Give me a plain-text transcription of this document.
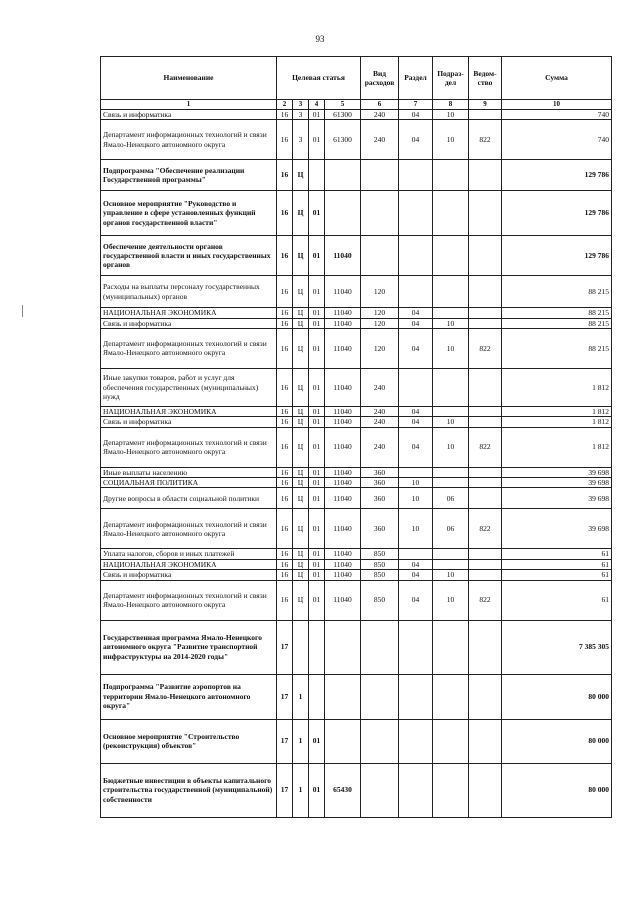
93
Наименование	Целевая статья				Вид расходов	Раздел	Подраз-дел	Ведом-ство	Сумма
1	2	3	4	5	6	7	8	9	10
Связь и информатика	16	3	01	61300	240	04	10		740
Департамент информационных технологий и связи Ямало-Ненецкого автономного округа	16	3	01	61300	240	04	10	822	740
Подпрограмма "Обеспечение реализации Государственной программы"	16	Ц							129 786
Основное мероприятие "Руководство и управление в сфере установленных функций органов государственной власти"	16	Ц	01						129 786
Обеспечение деятельности органов государственной власти и иных государственных органов	16	Ц	01	11040					129 786
Расходы на выплаты персоналу государственных (муниципальных) органов	16	Ц	01	11040	120				88 215
НАЦИОНАЛЬНАЯ ЭКОНОМИКА	16	Ц	01	11040	120	04			88 215
Связь и информатика	16	Ц	01	11040	120	04	10		88 215
Департамент информационных технологий и связи Ямало-Ненецкого автономного округа	16	Ц	01	11040	120	04	10	822	88 215
Иные закупки товаров, работ и услуг для обеспечения государственных (муниципальных) нужд	16	Ц	01	11040	240				1 812
НАЦИОНАЛЬНАЯ ЭКОНОМИКА	16	Ц	01	11040	240	04			1 812
Связь и информатика	16	Ц	01	11040	240	04	10		1 812
Департамент информационных технологий и связи Ямало-Ненецкого автономного округа	16	Ц	01	11040	240	04	10	822	1 812
Иные выплаты населению	16	Ц	01	11040	360				39 698
СОЦИАЛЬНАЯ ПОЛИТИКА	16	Ц	01	11040	360	10			39 698
Другие вопросы в области социальной политики	16	Ц	01	11040	360	10	06		39 698
Департамент информационных технологий и связи Ямало-Ненецкого автономного округа	16	Ц	01	11040	360	10	06	822	39 698
Уплата налогов, сборов и иных платежей	16	Ц	01	11040	850				61
НАЦИОНАЛЬНАЯ ЭКОНОМИКА	16	Ц	01	11040	850	04			61
Связь и информатика	16	Ц	01	11040	850	04	10		61
Департамент информационных технологий и связи Ямало-Ненецкого автономного округа	16	Ц	01	11040	850	04	10	822	61
Государственная программа Ямало-Ненецкого автономного округа "Развитие транспортной инфраструктуры на 2014-2020 годы"	17								7 385 305
Подпрограмма "Развитие аэропортов на территории Ямало-Ненецкого автономного округа"	17	1							80 000
Основное мероприятие "Строительство (реконструкция) объектов"	17	1	01						80 000
Бюджетные инвестиции в объекты капитального строительства государственной (муниципальной) собственности	17	1	01	65430					80 000
